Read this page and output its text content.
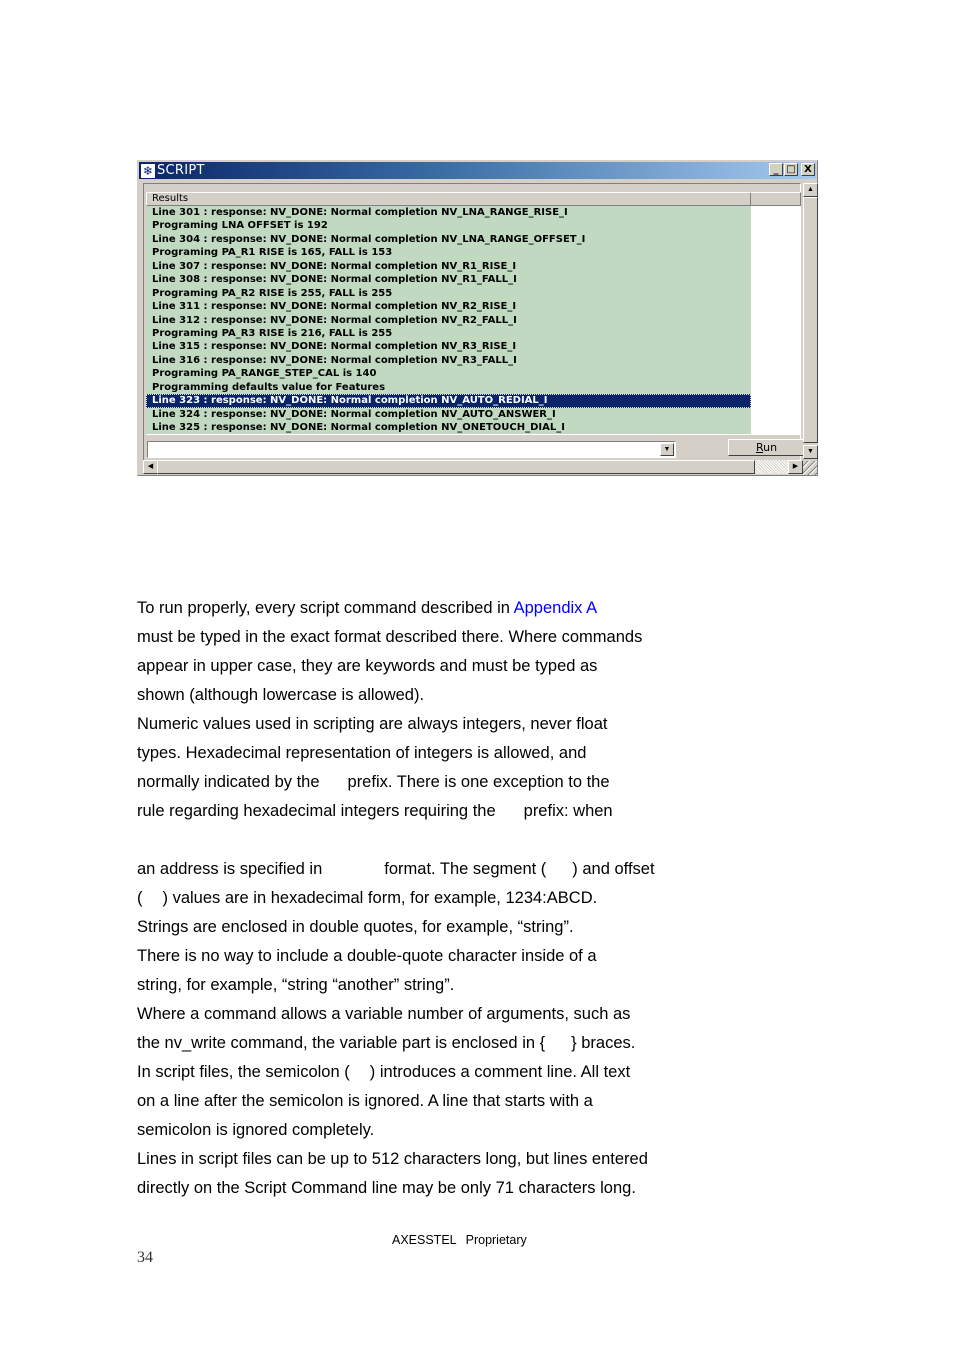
❄ SCRIPT	_ □ X
Results
Line 301 : response: NV_DONE: Normal completion NV_LNA_RANGE_RISE_I
Programing LNA OFFSET is 192
Line 304 : response: NV_DONE: Normal completion NV_LNA_RANGE_OFFSET_I
Programing PA_R1 RISE is 165, FALL is 153
Line 307 : response: NV_DONE: Normal completion NV_R1_RISE_I
Line 308 : response: NV_DONE: Normal completion NV_R1_FALL_I
Programing PA_R2 RISE is 255, FALL is 255
Line 311 : response: NV_DONE: Normal completion NV_R2_RISE_I
Line 312 : response: NV_DONE: Normal completion NV_R2_FALL_I
Programing PA_R3 RISE is 216, FALL is 255
Line 315 : response: NV_DONE: Normal completion NV_R3_RISE_I
Line 316 : response: NV_DONE: Normal completion NV_R3_FALL_I
Programing PA_RANGE_STEP_CAL is 140
Programming defaults value for Features
Line 323 : response: NV_DONE: Normal completion NV_AUTO_REDIAL_I
Line 324 : response: NV_DONE: Normal completion NV_AUTO_ANSWER_I
Line 325 : response: NV_DONE: Normal completion NV_ONETOUCH_DIAL_I
▼	Run
▲
▼
◀	▶

To run properly, every script command described in Appendix A

must be typed in the exact format described there. Where commands

appear in upper case, they are keywords and must be typed as

shown (although lowercase is allowed).

Numeric values used in scripting are always integers, never float

types. Hexadecimal representation of integers is allowed, and

normally indicated by the prefix. There is one exception to the

rule regarding hexadecimal integers requiring the prefix: when

an address is specified in	format. The segment ( ) and offset

( ) values are in hexadecimal form, for example, 1234:ABCD.

Strings are enclosed in double quotes, for example, “string”.

There is no way to include a double-quote character inside of a

string, for example, “string “another” string”.

Where a command allows a variable number of arguments, such as

the nv_write command, the variable part is enclosed in { } braces.

In script files, the semicolon ( ) introduces a comment line. All text

on a line after the semicolon is ignored. A line that starts with a

semicolon is ignored completely.

Lines in script files can be up to 512 characters long, but lines entered

directly on the Script Command line may be only 71 characters long.

AXESSTEL Proprietary
34
